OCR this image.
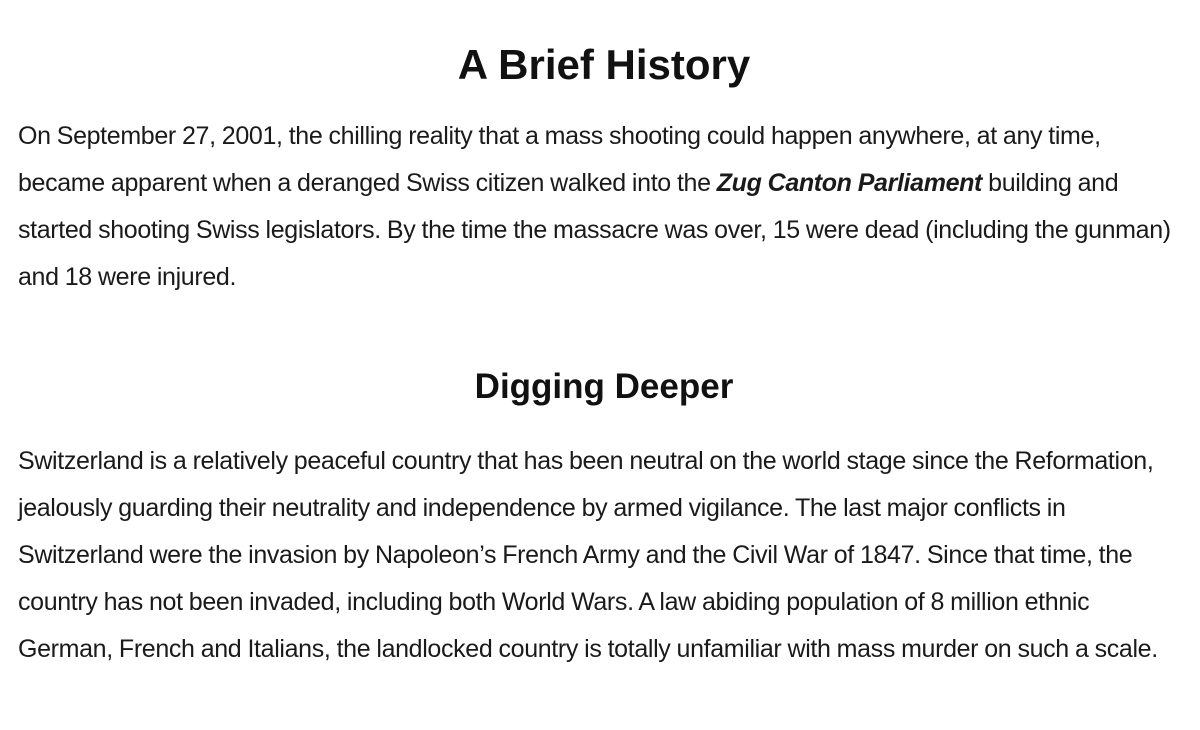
A Brief History

On September 27, 2001, the chilling reality that a mass shooting could happen anywhere, at any time, became apparent when a deranged Swiss citizen walked into the Zug Canton Parliament building and started shooting Swiss legislators. By the time the massacre was over, 15 were dead (including the gunman) and 18 were injured.

Digging Deeper

Switzerland is a relatively peaceful country that has been neutral on the world stage since the Reformation, jealously guarding their neutrality and independence by armed vigilance. The last major conflicts in Switzerland were the invasion by Napoleon’s French Army and the Civil War of 1847. Since that time, the country has not been invaded, including both World Wars. A law abiding population of 8 million ethnic German, French and Italians, the landlocked country is totally unfamiliar with mass murder on such a scale.
